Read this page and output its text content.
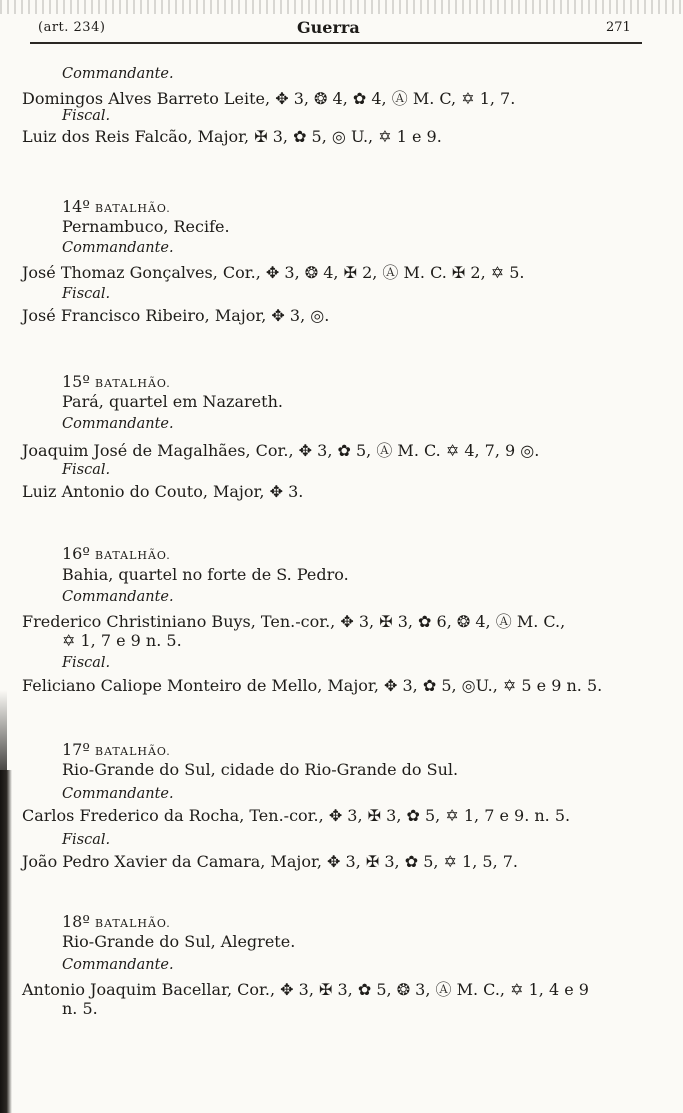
(art. 234)	Guerra	271
Commandante.
Domingos Alves Barreto Leite, ✥ 3, ❂ 4, ✿ 4, Ⓐ M. C, ✡ 1, 7.
Fiscal.
Luiz dos Reis Falcão, Major, ✠ 3, ✿ 5, ◎ U., ✡ 1 e 9.
14º BATALHÃO.
Pernambuco, Recife.
Commandante.
José Thomaz Gonçalves, Cor., ✥ 3, ❂ 4, ✠ 2, Ⓐ M. C. ✠ 2, ✡ 5.
Fiscal.
José Francisco Ribeiro, Major, ✥ 3, ◎.
15º BATALHÃO.
Pará, quartel em Nazareth.
Commandante.
Joaquim José de Magalhães, Cor., ✥ 3, ✿ 5, Ⓐ M. C. ✡ 4, 7, 9 ◎.
Fiscal.
Luiz Antonio do Couto, Major, ✥ 3.
16º BATALHÃO.
Bahia, quartel no forte de S. Pedro.
Commandante.
Frederico Christiniano Buys, Ten.-cor., ✥ 3, ✠ 3, ✿ 6, ❂ 4, Ⓐ M. C.,
✡ 1, 7 e 9 n. 5.
Fiscal.
Feliciano Caliope Monteiro de Mello, Major, ✥ 3, ✿ 5, ◎U., ✡ 5 e 9 n. 5.
17º BATALHÃO.
Rio-Grande do Sul, cidade do Rio-Grande do Sul.
Commandante.
Carlos Frederico da Rocha, Ten.-cor., ✥ 3, ✠ 3, ✿ 5, ✡ 1, 7 e 9. n. 5.
Fiscal.
João Pedro Xavier da Camara, Major, ✥ 3, ✠ 3, ✿ 5, ✡ 1, 5, 7.
18º BATALHÃO.
Rio-Grande do Sul, Alegrete.
Commandante.
Antonio Joaquim Bacellar, Cor., ✥ 3, ✠ 3, ✿ 5, ❂ 3, Ⓐ M. C., ✡ 1, 4 e 9
n. 5.
